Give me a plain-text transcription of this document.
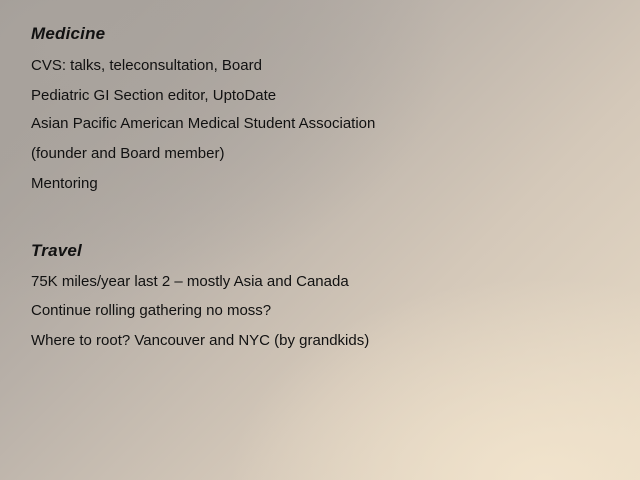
Medicine
CVS: talks, teleconsultation, Board
Pediatric GI Section editor, UptoDate
Asian Pacific American Medical Student Association
(founder and Board member)
Mentoring
Travel
75K miles/year last 2 – mostly Asia and Canada
Continue rolling gathering no moss?
Where to root? Vancouver and NYC (by grandkids)
